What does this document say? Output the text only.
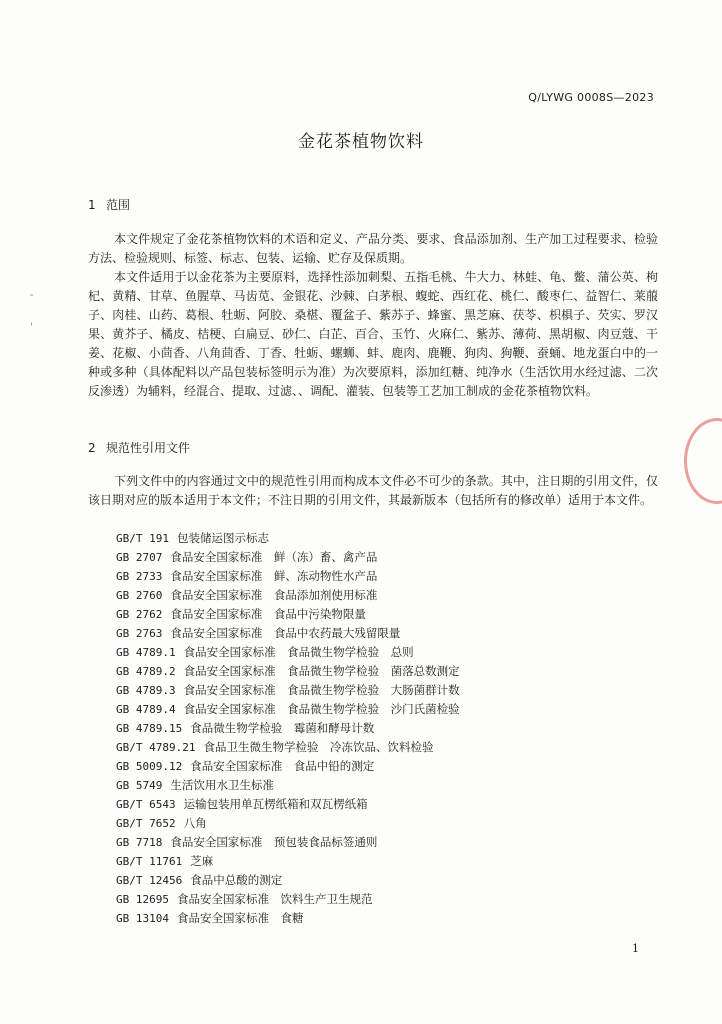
Q/LYWG 0008S—2023
金花茶植物饮料
1 范围

本文件规定了金花茶植物饮料的术语和定义、产品分类、要求、食品添加剂、生产加工过程要求、检验方法、检验规则、标签、标志、包装、运输、贮存及保质期。

本文件适用于以金花茶为主要原料，选择性添加刺梨、五指毛桃、牛大力、林蛙、龟、鳖、蒲公英、枸杞、黄精、甘草、鱼腥草、马齿苋、金银花、沙棘、白茅根、蝮蛇、西红花、桃仁、酸枣仁、益智仁、莱菔子、肉桂、山药、葛根、牡蛎、阿胶、桑椹、覆盆子、紫苏子、蜂蜜、黑芝麻、茯苓、枳椇子、芡实、罗汉果、黄芥子、橘皮、桔梗、白扁豆、砂仁、白芷、百合、玉竹、火麻仁、紫苏、薄荷、黑胡椒、肉豆蔻、干姜、花椒、小茴香、八角茴香、丁香、牡蛎、螺蛳、蚌、鹿肉、鹿鞭、狗肉、狗鞭、蚕蛹、地龙蛋白中的一种或多种（具体配料以产品包装标签明示为准）为次要原料，添加红糖、纯净水（生活饮用水经过滤、二次反渗透）为辅料，经混合、提取、过滤、、调配、灌装、包装等工艺加工制成的金花茶植物饮料。

2 规范性引用文件

下列文件中的内容通过文中的规范性引用而构成本文件必不可少的条款。其中，注日期的引用文件，仅该日期对应的版本适用于本文件；不注日期的引用文件，其最新版本（包括所有的修改单）适用于本文件。

GB/T 191 包装储运图示标志
GB 2707 食品安全国家标准　鲜（冻）畜、禽产品
GB 2733 食品安全国家标准　鲜、冻动物性水产品
GB 2760 食品安全国家标准　食品添加剂使用标准
GB 2762 食品安全国家标准　食品中污染物限量
GB 2763 食品安全国家标准　食品中农药最大残留限量
GB 4789.1 食品安全国家标准　食品微生物学检验　总则
GB 4789.2 食品安全国家标准　食品微生物学检验　菌落总数测定
GB 4789.3 食品安全国家标准　食品微生物学检验　大肠菌群计数
GB 4789.4 食品安全国家标准　食品微生物学检验　沙门氏菌检验
GB 4789.15 食品微生物学检验　霉菌和酵母计数
GB/T 4789.21 食品卫生微生物学检验　冷冻饮品、饮料检验
GB 5009.12 食品安全国家标准　食品中铅的测定
GB 5749 生活饮用水卫生标准
GB/T 6543 运输包装用单瓦楞纸箱和双瓦楞纸箱
GB/T 7652 八角
GB 7718 食品安全国家标准　预包装食品标签通则
GB/T 11761 芝麻
GB/T 12456 食品中总酸的测定
GB 12695 食品安全国家标准　饮料生产卫生规范
GB 13104 食品安全国家标准　食糖
1
-
'
